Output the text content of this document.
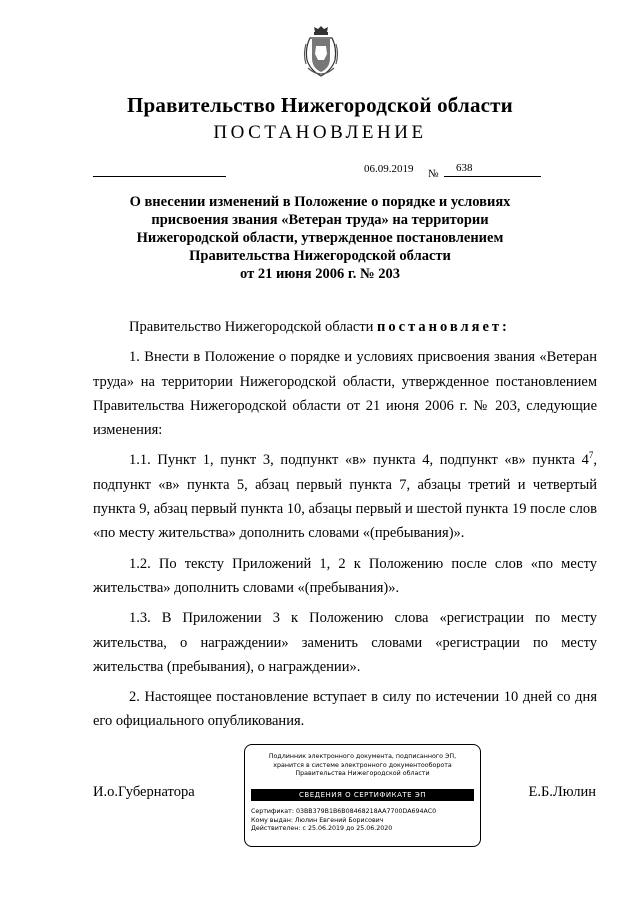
Правительство Нижегородской области
ПОСТАНОВЛЕНИЕ
06.09.2019 №	638
О внесении изменений в Положение о порядке и условиях
присвоения звания «Ветеран труда» на территории
Нижегородской области, утвержденное постановлением
Правительства Нижегородской области
от 21 июня 2006 г. № 203

Правительство Нижегородской области постановляет:

1. Внести в Положение о порядке и условиях присвоения звания «Ветеран труда» на территории Нижегородской области, утвержденное постановлением Правительства Нижегородской области от 21 июня 2006 г. № 203, следующие изменения:

1.1. Пункт 1, пункт 3, подпункт «в» пункта 4, подпункт «в» пункта $4^7$, подпункт «в» пункта 5, абзац первый пункта 7, абзацы третий и четвертый пункта 9, абзац первый пункта 10, абзацы первый и шестой пункта 19 после слов «по месту жительства» дополнить словами «(пребывания)».

1.2. По тексту Приложений 1, 2 к Положению после слов «по месту жительства» дополнить словами «(пребывания)».

1.3. В Приложении 3 к Положению слова «регистрации по месту жительства, о награждении» заменить словами «регистрации по месту жительства (пребывания), о награждении».

2. Настоящее постановление вступает в силу по истечении 10 дней со дня его официального опубликования.

И.о.Губернатора	Е.Б.Люлин
Подлинник электронного документа, подписанного ЭП,
хранится в системе электронного документооборота
Правительства Нижегородской области
СВЕДЕНИЯ О СЕРТИФИКАТЕ ЭП
Сертификат: 03BB379B1B6B08468218AA7700DA694AC0
Кому выдан: Люлин Евгений Борисович
Действителен: с 25.06.2019 до 25.06.2020
